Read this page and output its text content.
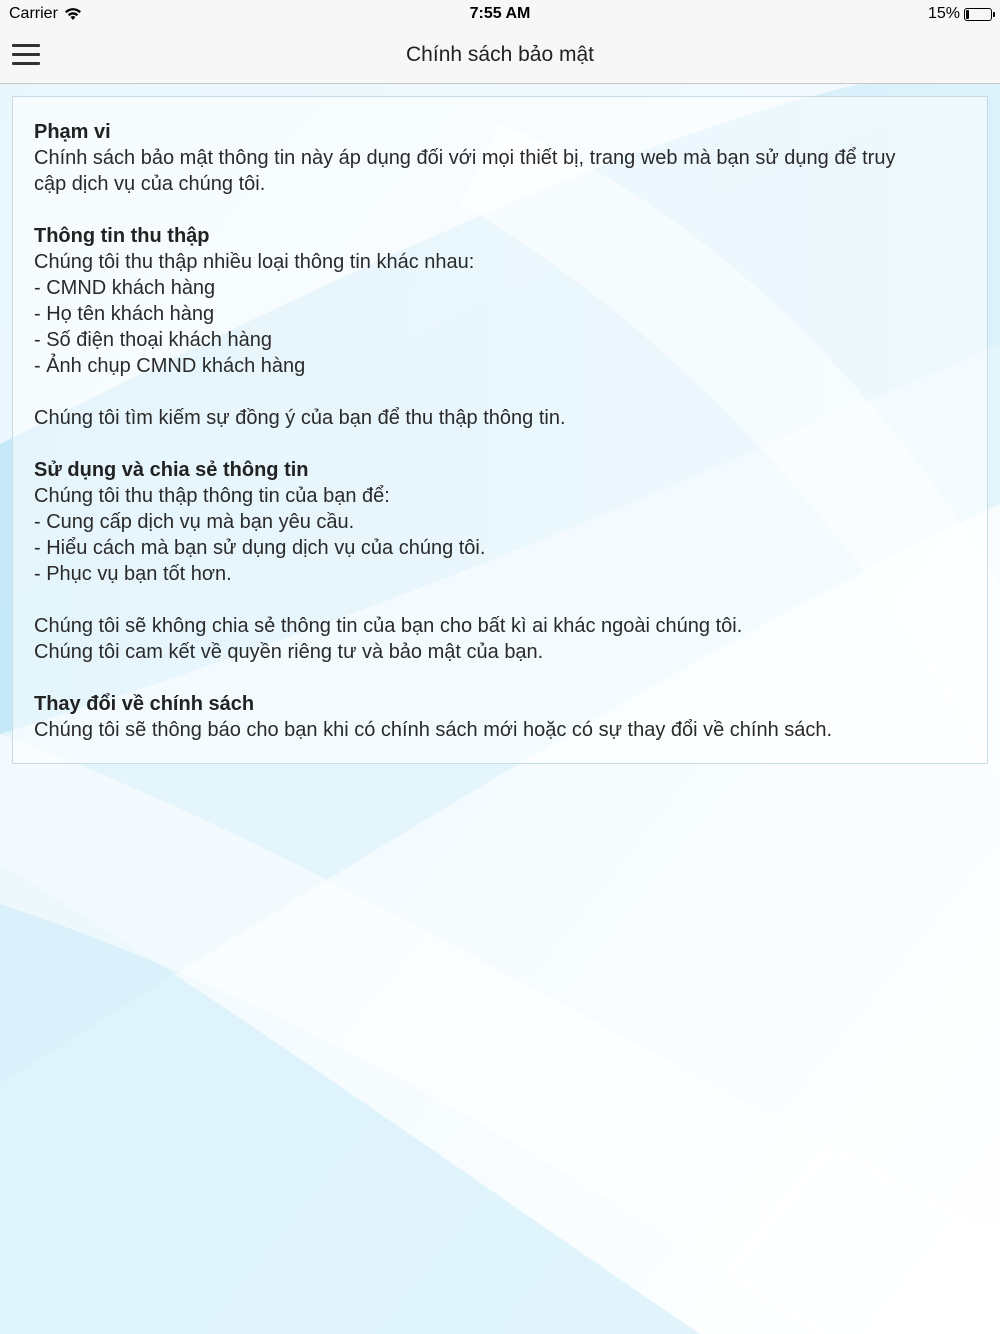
Carrier	7:55 AM	15%
Chính sách bảo mật
Phạm vi

Chính sách bảo mật thông tin này áp dụng đối với mọi thiết bị, trang web mà bạn sử dụng để truy

cập dịch vụ của chúng tôi.

Thông tin thu thập

Chúng tôi thu thập nhiều loại thông tin khác nhau:

- CMND khách hàng

- Họ tên khách hàng

- Số điện thoại khách hàng

- Ảnh chụp CMND khách hàng

Chúng tôi tìm kiếm sự đồng ý của bạn để thu thập thông tin.

Sử dụng và chia sẻ thông tin

Chúng tôi thu thập thông tin của bạn để:

- Cung cấp dịch vụ mà bạn yêu cầu.

- Hiểu cách mà bạn sử dụng dịch vụ của chúng tôi.

- Phục vụ bạn tốt hơn.

Chúng tôi sẽ không chia sẻ thông tin của bạn cho bất kì ai khác ngoài chúng tôi.

Chúng tôi cam kết về quyền riêng tư và bảo mật của bạn.

Thay đổi về chính sách

Chúng tôi sẽ thông báo cho bạn khi có chính sách mới hoặc có sự thay đổi về chính sách.
